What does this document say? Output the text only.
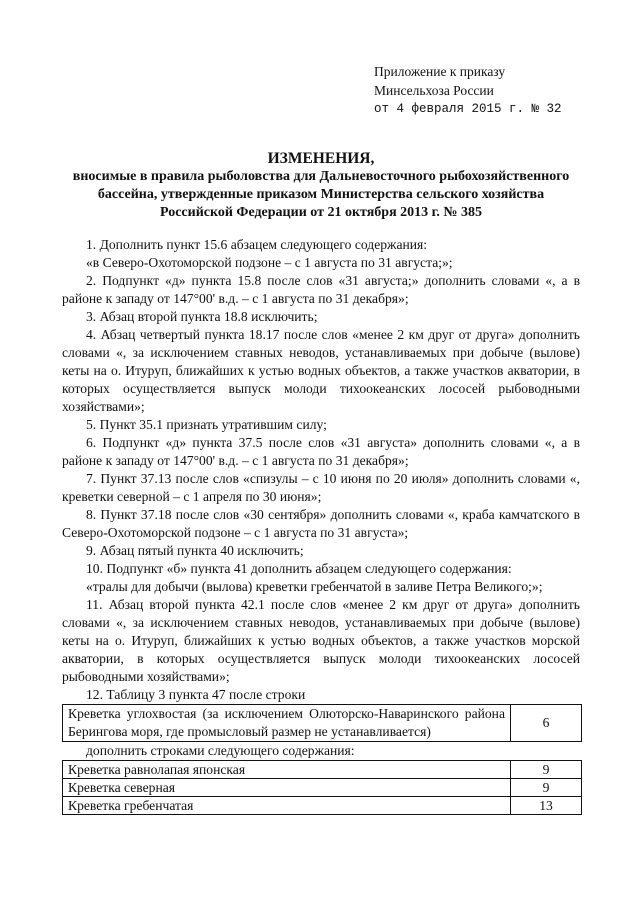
Приложение к приказу
Минсельхоза России
от 4 февраля 2015 г. № 32
ИЗМЕНЕНИЯ,
вносимые в правила рыболовства для Дальневосточного рыбохозяйственного бассейна, утвержденные приказом Министерства сельского хозяйства Российской Федерации от 21 октября 2013 г. № 385

1. Дополнить пункт 15.6 абзацем следующего содержания:

«в Северо-Охотоморской подзоне – с 1 августа по 31 августа;»;

2. Подпункт «д» пункта 15.8 после слов «31 августа;» дополнить словами «, а в районе к западу от 147°00' в.д. – с 1 августа по 31 декабря»;

3. Абзац второй пункта 18.8 исключить;

4. Абзац четвертый пункта 18.17 после слов «менее 2 км друг от друга» дополнить словами «, за исключением ставных неводов, устанавливаемых при добыче (вылове) кеты на о. Итуруп, ближайших к устью водных объектов, а также участков акватории, в которых осуществляется выпуск молоди тихоокеанских лососей рыбоводными хозяйствами»;

5. Пункт 35.1 признать утратившим силу;

6. Подпункт «д» пункта 37.5 после слов «31 августа» дополнить словами «, а в районе к западу от 147°00' в.д. – с 1 августа по 31 декабря»;

7. Пункт 37.13 после слов «спизулы – с 10 июня по 20 июля» дополнить словами «, креветки северной – с 1 апреля по 30 июня»;

8. Пункт 37.18 после слов «30 сентября» дополнить словами «, краба камчатского в Северо-Охотоморской подзоне – с 1 августа по 31 августа»;

9. Абзац пятый пункта 40 исключить;

10. Подпункт «б» пункта 41 дополнить абзацем следующего содержания:

«тралы для добычи (вылова) креветки гребенчатой в заливе Петра Великого;»;

11. Абзац второй пункта 42.1 после слов «менее 2 км друг от друга» дополнить словами «, за исключением ставных неводов, устанавливаемых при добыче (вылове) кеты на о. Итуруп, ближайших к устью водных объектов, а также участков морской акватории, в которых осуществляется выпуск молоди тихоокеанских лососей рыбоводными хозяйствами»;

12. Таблицу 3 пункта 47 после строки

Креветка углохвостая (за исключением Олюторско-Наваринского района Берингова моря, где промысловый размер не устанавливается)	6

дополнить строками следующего содержания:

Креветка равнолапая японская	9
Креветка северная	9
Креветка гребенчатая	13
